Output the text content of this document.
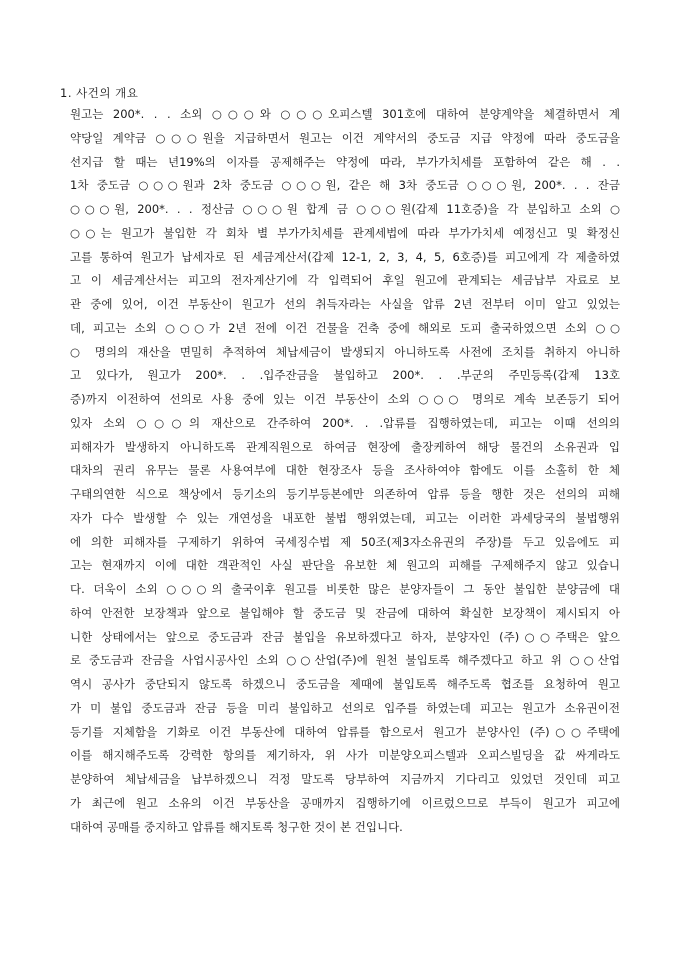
1. 사건의 개요
원고는 200*. . . 소외 ○○○와 ○○○오피스텔 301호에 대하여 분양계약을 체결하면서 계
약당일 계약금 ○○○원을 지급하면서 원고는 이건 계약서의 중도금 지급 약정에 따라 중도금을
선지급 할 때는 년19%의 이자를 공제해주는 약정에 따라, 부가가치세를 포함하여 같은 해 . .
1차 중도금 ○○○원과 2차 중도금 ○○○원, 같은 해 3차 중도금 ○○○원, 200*. . . 잔금
○○○원, 200*. . . 정산금 ○○○원 합계 금 ○○○원(갑제 11호증)을 각 분입하고 소외 ○
○○는 원고가 불입한 각 회차 별 부가가치세를 관계세법에 따라 부가가치세 예정신고 및 확정신
고를 통하여 원고가 납세자로 된 세금계산서(갑제 12-1, 2, 3, 4, 5, 6호증)를 피고에게 각 제출하였
고 이 세금계산서는 피고의 전자계산기에 각 입력되어 후일 원고에 관계되는 세금납부 자료로 보
관 중에 있어, 이건 부동산이 원고가 선의 취득자라는 사실을 압류 2년 전부터 이미 알고 있었는
데, 피고는 소외 ○○○가 2년 전에 이건 건물을 건축 중에 해외로 도피 출국하였으면 소외 ○○
○ 명의의 재산을 면밀히 추적하여 체납세금이 발생되지 아니하도록 사전에 조치를 취하지 아니하
고 있다가, 원고가 200*. . .입주잔금을 불입하고 200*. . .부군의 주민등록(갑제 13호
증)까지 이전하여 선의로 사용 중에 있는 이건 부동산이 소외 ○○○ 명의로 계속 보존등기 되어
있자 소외 ○○○의 재산으로 간주하여 200*. . .압류를 집행하였는데, 피고는 이때 선의의
피해자가 발생하지 아니하도록 관계직원으로 하여금 현장에 출장케하여 해당 물건의 소유권과 입
대차의 권리 유무는 물론 사용여부에 대한 현장조사 등을 조사하여야 함에도 이를 소홀히 한 체
구태의연한 식으로 책상에서 등기소의 등기부등본에만 의존하여 압류 등을 행한 것은 선의의 피해
자가 다수 발생할 수 있는 개연성을 내포한 불법 행위였는데, 피고는 이러한 과세당국의 불법행위
에 의한 피해자를 구제하기 위하여 국세징수법 제 50조(제3자소유권의 주장)를 두고 있음에도 피
고는 현재까지 이에 대한 객관적인 사실 판단을 유보한 체 원고의 피해를 구제해주지 않고 있습니
다. 더욱이 소외 ○○○의 출국이후 원고를 비롯한 많은 분양자들이 그 동안 불입한 분양금에 대
하여 안전한 보장책과 앞으로 불입해야 할 중도금 및 잔금에 대하여 확실한 보장책이 제시되지 아
니한 상태에서는 앞으로 중도금과 잔금 불입을 유보하겠다고 하자, 분양자인 (주)○○주택은 앞으
로 중도금과 잔금을 사업시공사인 소외 ○○산업(주)에 원천 불입토록 해주겠다고 하고 위 ○○산업
역시 공사가 중단되지 않도록 하겠으니 중도금을 제때에 불입토록 해주도록 협조를 요청하여 원고
가 미 불입 중도금과 잔금 등을 미리 불입하고 선의로 입주를 하였는데 피고는 원고가 소유권이전
등기를 지체함을 기화로 이건 부동산에 대하여 압류를 함으로서 원고가 분양사인 (주)○○주택에
이를 해지해주도록 강력한 항의를 제기하자, 위 사가 미분양오피스텔과 오피스빌딩을 값 싸게라도
분양하여 체납세금을 납부하겠으니 걱정 말도록 당부하여 지금까지 기다리고 있었던 것인데 피고
가 최근에 원고 소유의 이건 부동산을 공매까지 집행하기에 이르렀으므로 부득이 원고가 피고에
대하여 공매를 중지하고 압류를 해지토록 청구한 것이 본 건입니다.
